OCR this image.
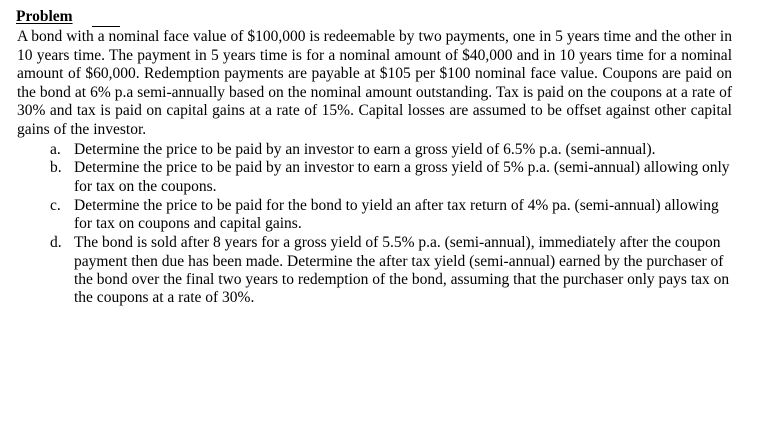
Problem

A bond with a nominal face value of $100,000 is redeemable by two payments, one in 5 years time and the other in 10 years time. The payment in 5 years time is for a nominal amount of $40,000 and in 10 years time for a nominal amount of $60,000. Redemption payments are payable at $105 per $100 nominal face value. Coupons are paid on the bond at 6% p.a semi-annually based on the nominal amount outstanding. Tax is paid on the coupons at a rate of 30% and tax is paid on capital gains at a rate of 15%. Capital losses are assumed to be offset against other capital gains of the investor.

a. Determine the price to be paid by an investor to earn a gross yield of 6.5% p.a. (semi-annual).
b. Determine the price to be paid by an investor to earn a gross yield of 5% p.a. (semi-annual) allowing only for tax on the coupons.
c. Determine the price to be paid for the bond to yield an after tax return of 4% pa. (semi-annual) allowing for tax on coupons and capital gains.
d. The bond is sold after 8 years for a gross yield of 5.5% p.a. (semi-annual), immediately after the coupon payment then due has been made. Determine the after tax yield (semi-annual) earned by the purchaser of the bond over the final two years to redemption of the bond, assuming that the purchaser only pays tax on the coupons at a rate of 30%.
